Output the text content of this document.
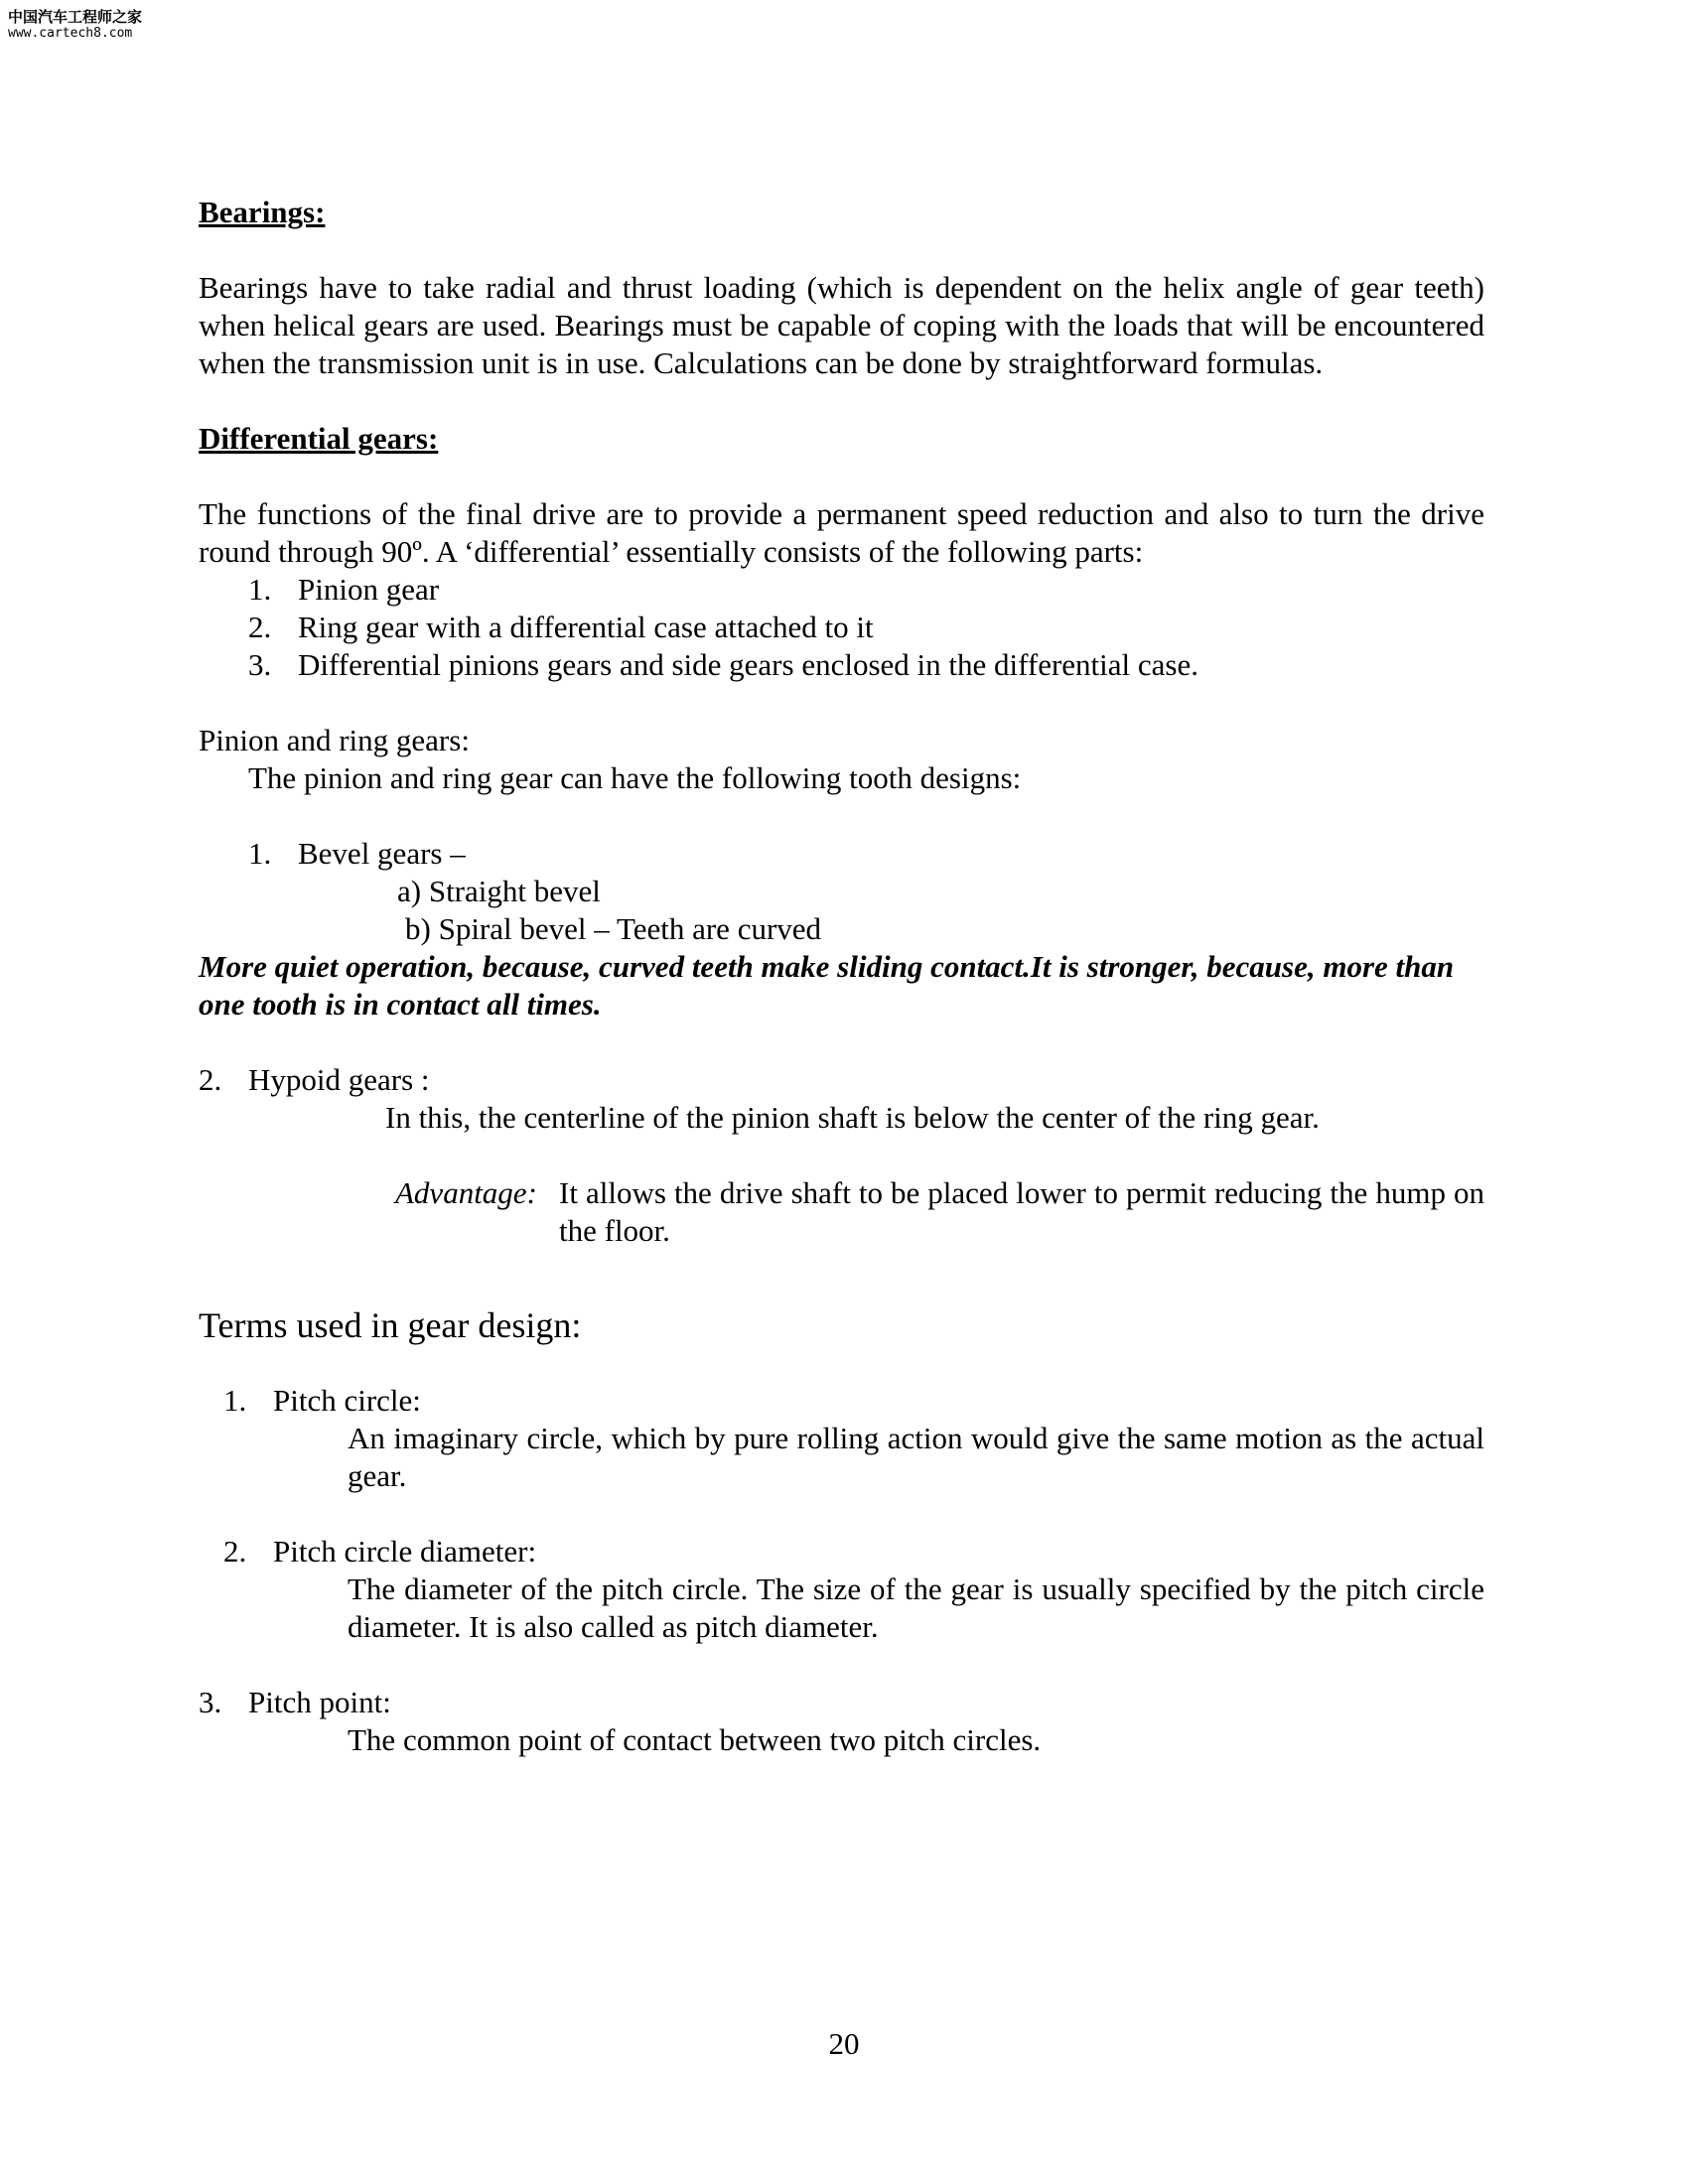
中国汽车工程师之家
www.cartech8.com

Bearings:

Bearings have to take radial and thrust loading (which is dependent on the helix angle of gear teeth) when helical gears are used. Bearings must be capable of coping with the loads that will be encountered when the transmission unit is in use. Calculations can be done by straightforward formulas.

Differential gears:

The functions of the final drive are to provide a permanent speed reduction and also to turn the drive round through 90º. A ‘differential’ essentially consists of the following parts:

1. Pinion gear
2. Ring gear with a differential case attached to it
3. Differential pinions gears and side gears enclosed in the differential case.

Pinion and ring gears:

The pinion and ring gear can have the following tooth designs:

1. Bevel gears –

a) Straight bevel

b) Spiral bevel – Teeth are curved

More quiet operation, because, curved teeth make sliding contact.It is stronger, because, more than one tooth is in contact all times.

2. Hypoid gears :

In this, the centerline of the pinion shaft is below the center of the ring gear.

Advantage: It allows the drive shaft to be placed lower to permit reducing the hump on the floor.

Terms used in gear design:

1. Pitch circle:

An imaginary circle, which by pure rolling action would give the same motion as the actual gear.

2. Pitch circle diameter:

The diameter of the pitch circle. The size of the gear is usually specified by the pitch circle diameter. It is also called as pitch diameter.

3. Pitch point:

The common point of contact between two pitch circles.

20
